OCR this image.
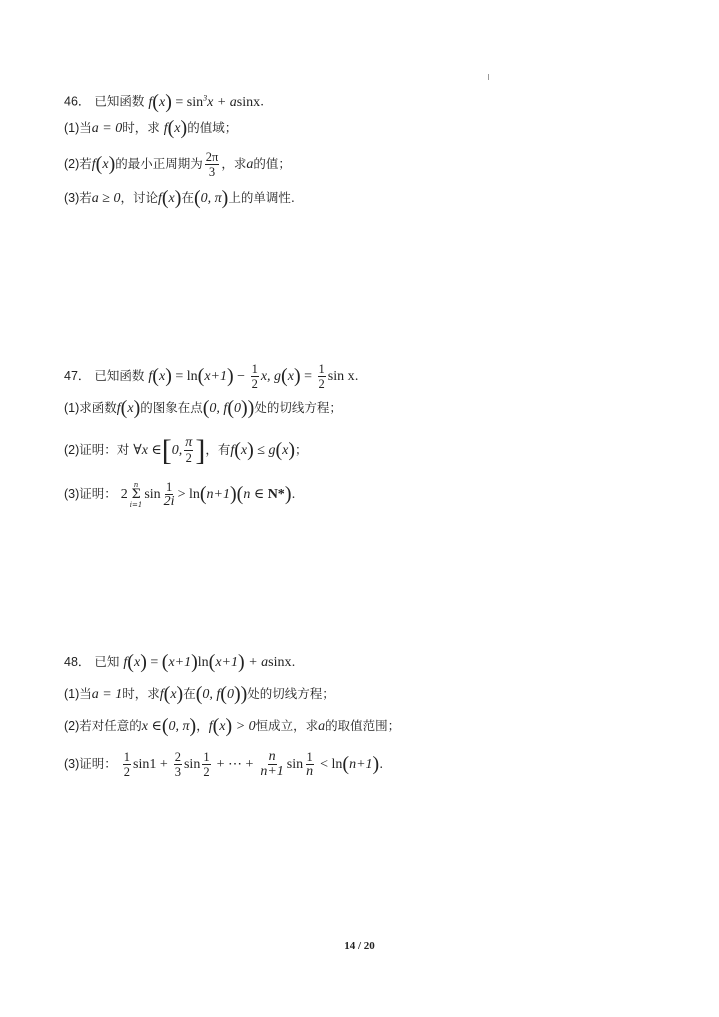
46． 已知函数 $f(x) = \sin^3x + asinx$.
(1)当a = 0时，求 f(x)的值域；
(2)若f(x)的最小正周期为 $\frac{2\pi}{3}$ ，求a的值；
(3)若a ≥ 0，讨论f(x)在(0, π)上的单调性.
47． 已知函数 $f(x) = \ln(x+1) - \frac{1}{2} x$, $g(x) = \frac{1}{2}$ sin x.
(1)求函数f(x)的图象在点(0, f(0))处的切线方程；
(2)证明：对 ∀x ∈[0, $\frac{\pi}{2}$ ]，有f(x) ≤ g(x)；
(3)证明： 2
n
Σ
i=1
$\sin \frac{1}{2i} > \ln(n+1)(n$ ∈ N*).
48． 已知 f(x) = (x+1)ln(x+1) + asinx.
(1)当a = 1时，求f(x)在(0, f(0))处的切线方程；
(2)若对任意的x ∈(0, π)，f(x) > 0恒成立，求a的取值范围；
(3)证明： $\frac{1}{2} \sin 1 + \frac{2}{3}$ $\sin \frac{1}{2}$ + ⋯ + $\frac{n}{n+1}$ $\sin \frac{1}{n} < \ln(n+1)$.
14 / 20
